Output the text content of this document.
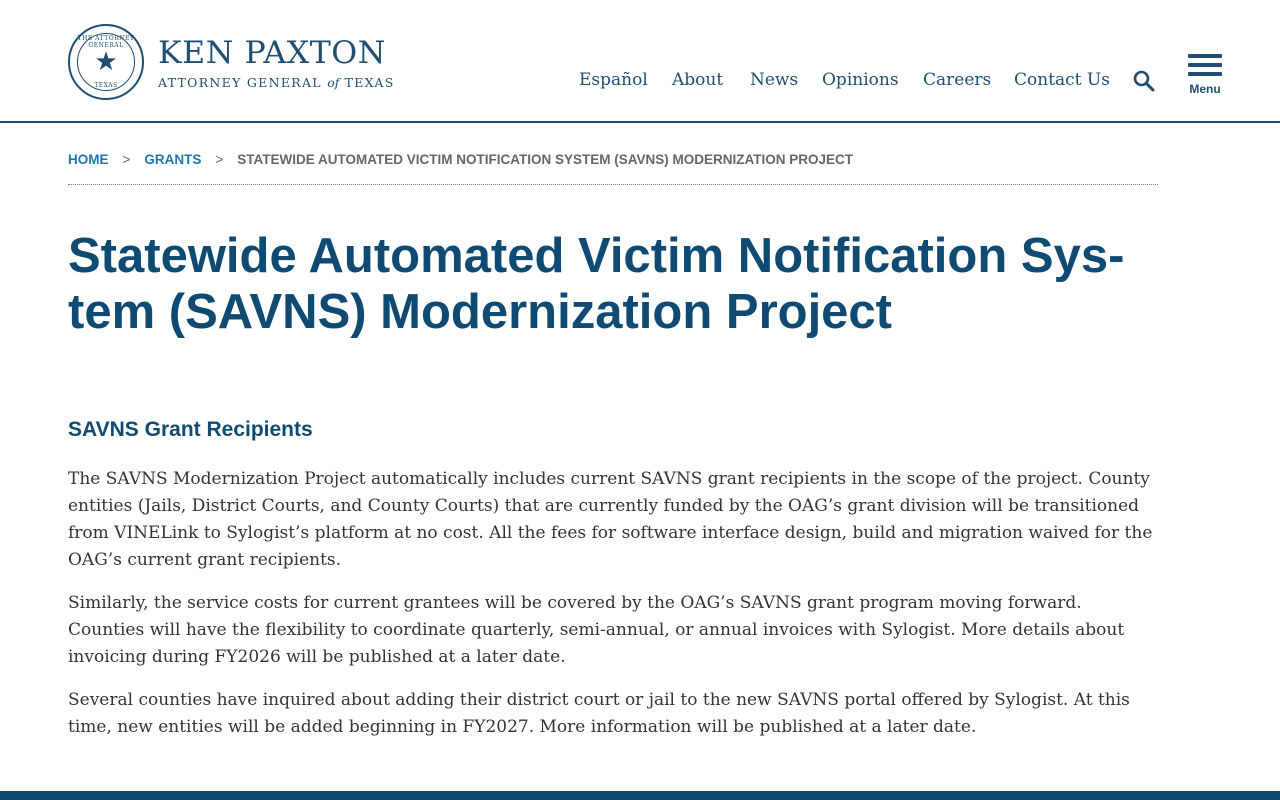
THE ATTORNEY GENERAL
★
TEXAS
KEN PAXTON
ATTORNEY GENERAL of TEXAS	Español About News Opinions Careers Contact Us	Menu
HOME > GRANTS > STATEWIDE AUTOMATED VICTIM NOTIFICATION SYSTEM (SAVNS) MODERNIZATION PROJECT
Statewide Automated Victim Notification Sys-
tem (SAVNS) Modernization Project
SAVNS Grant Recipients

The SAVNS Modernization Project automatically includes current SAVNS grant recipients in the scope of the project. County entities (Jails, District Courts, and County Courts) that are currently funded by the OAG’s grant division will be transitioned from VINELink to Sylogist’s platform at no cost. All the fees for software interface design, build and migration waived for the OAG’s current grant recipients.

Similarly, the service costs for current grantees will be covered by the OAG’s SAVNS grant program moving forward. Counties will have the flexibility to coordinate quarterly, semi-annual, or annual invoices with Sylogist. More details about invoicing during FY2026 will be published at a later date.

Several counties have inquired about adding their district court or jail to the new SAVNS portal offered by Sylogist. At this time, new entities will be added beginning in FY2027. More information will be published at a later date.
